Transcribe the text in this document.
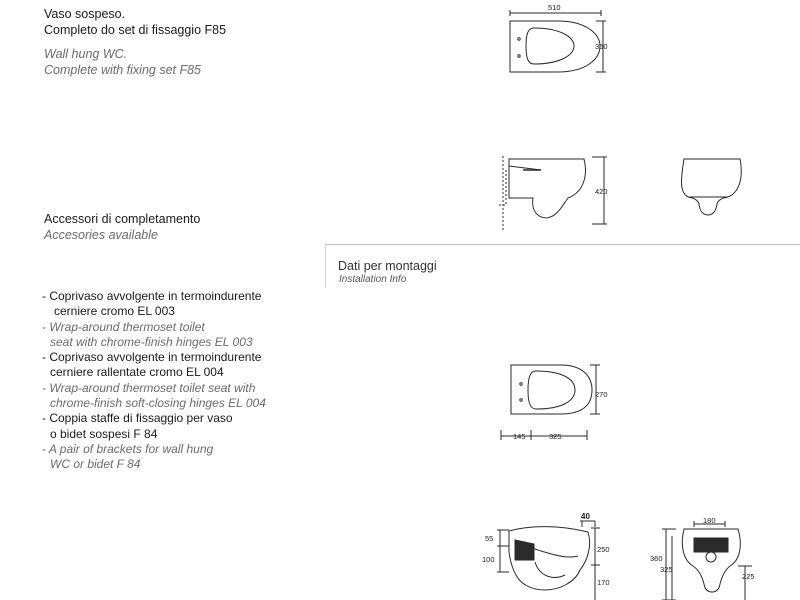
Vaso sospeso.
Completo do set di fissaggio F85
Wall hung WC.
Complete with fixing set F85
Accessori di completamento
Accesories available
- Coprivaso avvolgente in termoindurente
cerniere cromo EL 003
- Wrap-around thermoset toilet
seat with chrome-finish hinges EL 003
- Coprivaso avvolgente in termoindurente
cerniere rallentate cromo EL 004
- Wrap-around thermoset toilet seat with
chrome-finish soft-closing hinges EL 004
- Coppia staffe di fissaggio per vaso
o bidet sospesi F 84
- A pair of brackets for wall hung
WC or bidet F 84
Dati per montaggi
Installation Info
510
350
420
270
145	325
40
55
100
250
170
180
360
325
225
